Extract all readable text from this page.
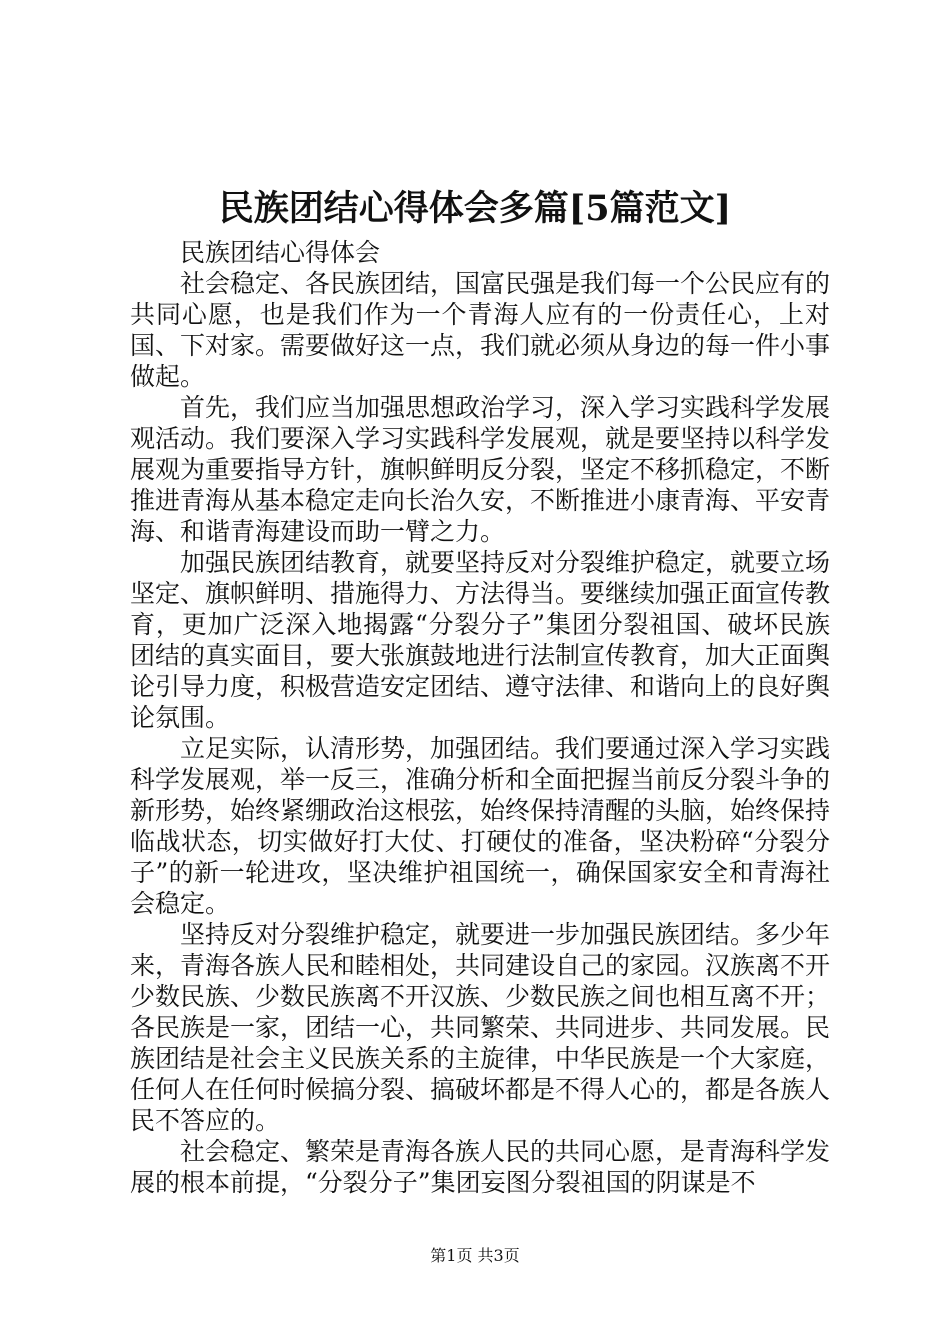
民族团结心得体会多篇[5篇范文]

民族团结心得体会

社会稳定、各民族团结，国富民强是我们每一个公民应有的共同心愿，也是我们作为一个青海人应有的一份责任心，上对国、下对家。需要做好这一点，我们就必须从身边的每一件小事做起。

首先，我们应当加强思想政治学习，深入学习实践科学发展观活动。我们要深入学习实践科学发展观，就是要坚持以科学发展观为重要指导方针，旗帜鲜明反分裂，坚定不移抓稳定，不断推进青海从基本稳定走向长治久安，不断推进小康青海、平安青海、和谐青海建设而助一臂之力。

加强民族团结教育，就要坚持反对分裂维护稳定，就要立场坚定、旗帜鲜明、措施得力、方法得当。要继续加强正面宣传教育，更加广泛深入地揭露“分裂分子”集团分裂祖国、破坏民族团结的真实面目，要大张旗鼓地进行法制宣传教育，加大正面舆论引导力度，积极营造安定团结、遵守法律、和谐向上的良好舆论氛围。

立足实际，认清形势，加强团结。我们要通过深入学习实践科学发展观，举一反三，准确分析和全面把握当前反分裂斗争的新形势，始终紧绷政治这根弦，始终保持清醒的头脑，始终保持临战状态，切实做好打大仗、打硬仗的准备，坚决粉碎“分裂分子”的新一轮进攻，坚决维护祖国统一，确保国家安全和青海社会稳定。

坚持反对分裂维护稳定，就要进一步加强民族团结。多少年来，青海各族人民和睦相处，共同建设自己的家园。汉族离不开少数民族、少数民族离不开汉族、少数民族之间也相互离不开；各民族是一家，团结一心，共同繁荣、共同进步、共同发展。民族团结是社会主义民族关系的主旋律，中华民族是一个大家庭，任何人在任何时候搞分裂、搞破坏都是不得人心的，都是各族人民不答应的。

社会稳定、繁荣是青海各族人民的共同心愿，是青海科学发展的根本前提，“分裂分子”集团妄图分裂祖国的阴谋是不

第1页 共3页
